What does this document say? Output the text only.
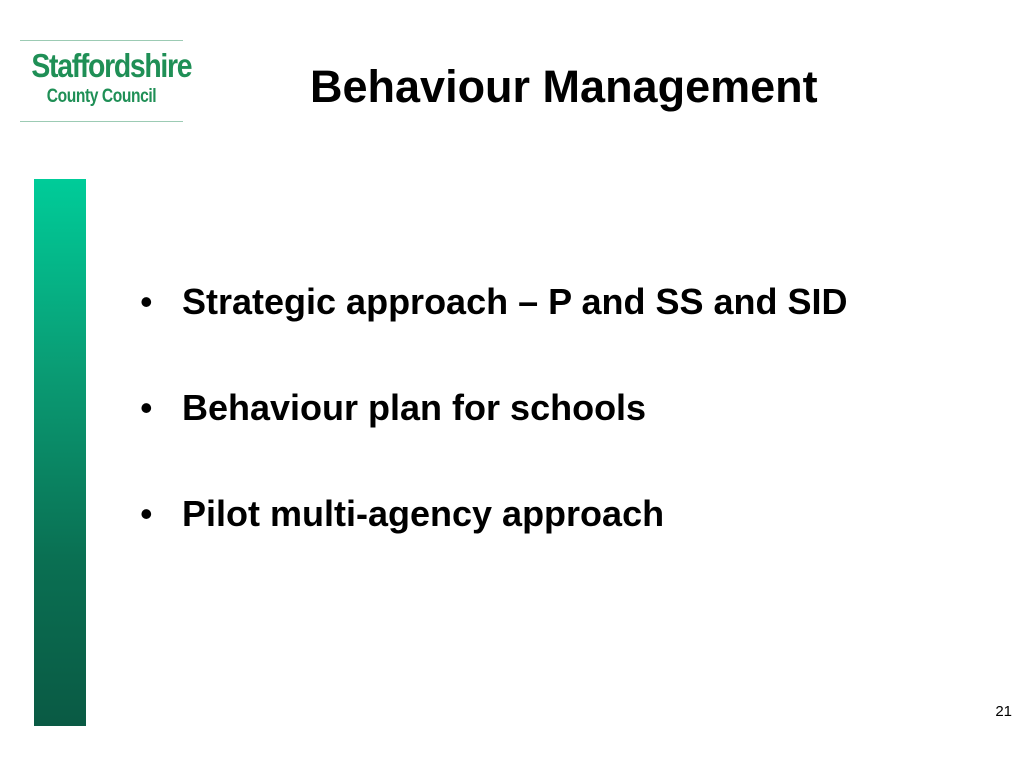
Staffordshire
County Council	Behaviour Management
• Strategic approach – P and SS and SID
• Behaviour plan for schools
• Pilot multi-agency approach
21
